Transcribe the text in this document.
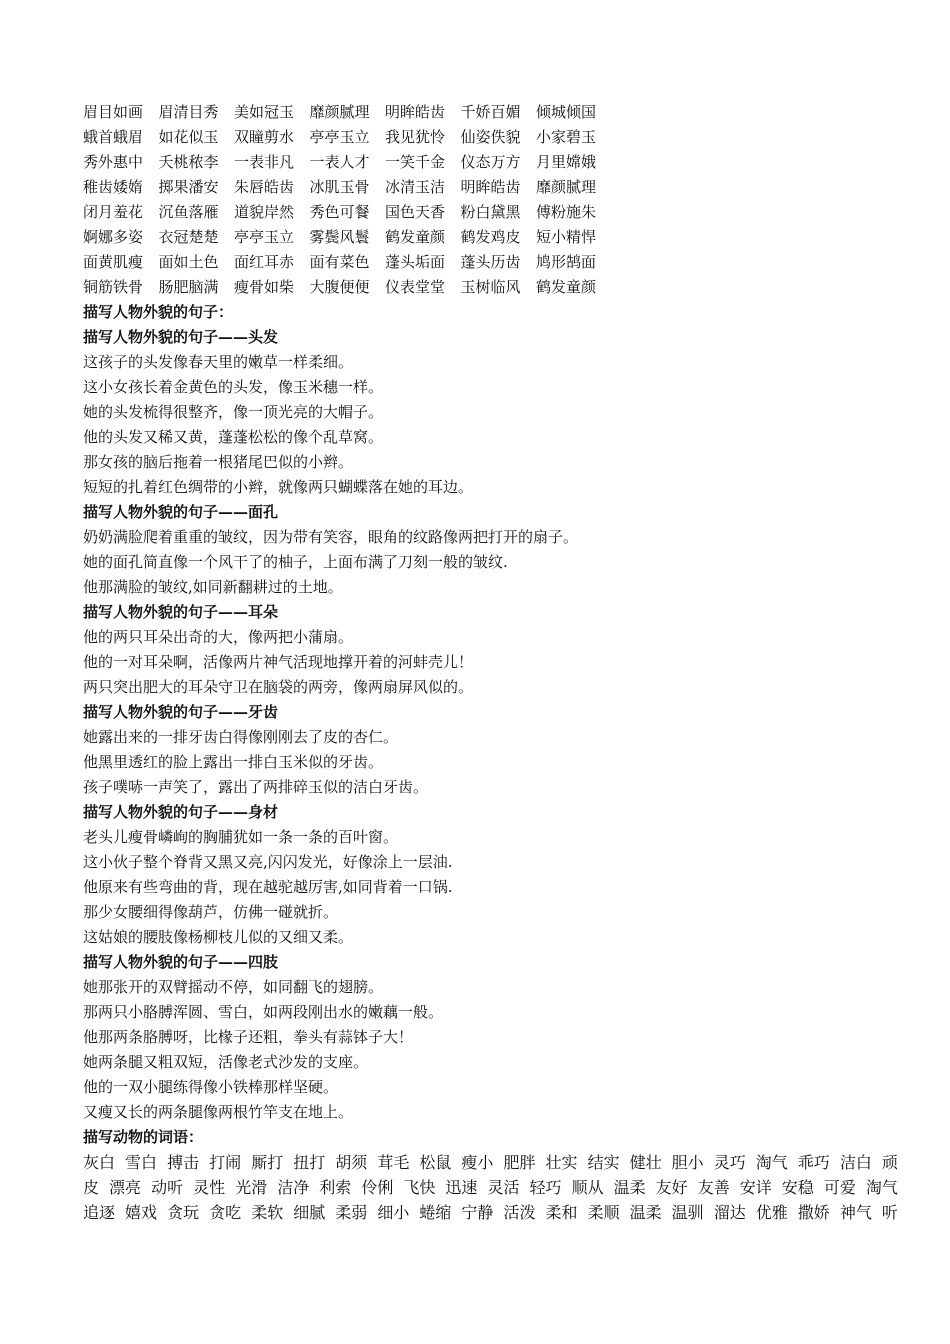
眉目如画	眉清目秀	美如冠玉	靡颜腻理	明眸皓齿	千娇百媚	倾城倾国
蛾首蛾眉	如花似玉	双瞳剪水	亭亭玉立	我见犹怜	仙姿佚貌	小家碧玉
秀外惠中	夭桃秾李	一表非凡	一表人才	一笑千金	仪态万方	月里嫦娥
稚齿婑媠	掷果潘安	朱唇皓齿	冰肌玉骨	冰清玉洁	明眸皓齿	靡颜腻理
闭月羞花	沉鱼落雁	道貌岸然	秀色可餐	国色天香	粉白黛黑	傅粉施朱
婀娜多姿	衣冠楚楚	亭亭玉立	雾鬓风鬟	鹤发童颜	鹤发鸡皮	短小精悍
面黄肌瘦	面如土色	面红耳赤	面有菜色	蓬头垢面	蓬头历齿	鸠形鹄面
铜筋铁骨	肠肥脑满	瘦骨如柴	大腹便便	仪表堂堂	玉树临风	鹤发童颜
描写人物外貌的句子：
描写人物外貌的句子——头发
这孩子的头发像春天里的嫩草一样柔细。
这小女孩长着金黄色的头发，像玉米穗一样。
她的头发梳得很整齐，像一顶光亮的大帽子。
他的头发又稀又黄，蓬蓬松松的像个乱草窝。
那女孩的脑后拖着一根猪尾巴似的小辫。
短短的扎着红色绸带的小辫，就像两只蝴蝶落在她的耳边。
描写人物外貌的句子——面孔
奶奶满脸爬着重重的皱纹，因为带有笑容，眼角的纹路像两把打开的扇子。
她的面孔简直像一个风干了的柚子，上面布满了刀刻一般的皱纹.
他那满脸的皱纹,如同新翻耕过的土地。
描写人物外貌的句子——耳朵
他的两只耳朵出奇的大，像两把小蒲扇。
他的一对耳朵啊，活像两片神气活现地撑开着的河蚌壳儿！
两只突出肥大的耳朵守卫在脑袋的两旁，像两扇屏风似的。
描写人物外貌的句子——牙齿
她露出来的一排牙齿白得像刚刚去了皮的杏仁。
他黑里透红的脸上露出一排白玉米似的牙齿。
孩子噗哧一声笑了，露出了两排碎玉似的洁白牙齿。
描写人物外貌的句子——身材
老头儿瘦骨嶙峋的胸脯犹如一条一条的百叶窗。
这小伙子整个脊背又黑又亮,闪闪发光，好像涂上一层油.
他原来有些弯曲的背，现在越驼越厉害,如同背着一口锅.
那少女腰细得像葫芦，仿佛一碰就折。
这姑娘的腰肢像杨柳枝儿似的又细又柔。
描写人物外貌的句子——四肢
她那张开的双臂摇动不停，如同翻飞的翅膀。
那两只小胳膊浑圆、雪白，如两段刚出水的嫩藕一般。
他那两条胳膊呀，比椽子还粗，拳头有蒜钵子大！
她两条腿又粗双短，活像老式沙发的支座。
他的一双小腿练得像小铁棒那样坚硬。
又瘦又长的两条腿像两根竹竿支在地上。
描写动物的词语：
灰白 雪白 搏击 打闹 厮打 扭打 胡须 茸毛 松鼠 瘦小 肥胖 壮实 结实 健壮 胆小 灵巧 淘气 乖巧 洁白 顽
皮 漂亮 动听 灵性 光滑 洁净 利索 伶俐 飞快 迅速 灵活 轻巧 顺从 温柔 友好 友善 安详 安稳 可爱 淘气
追逐 嬉戏 贪玩 贪吃 柔软 细腻 柔弱 细小 蜷缩 宁静 活泼 柔和 柔顺 温柔 温驯 溜达 优雅 撒娇 神气 听
